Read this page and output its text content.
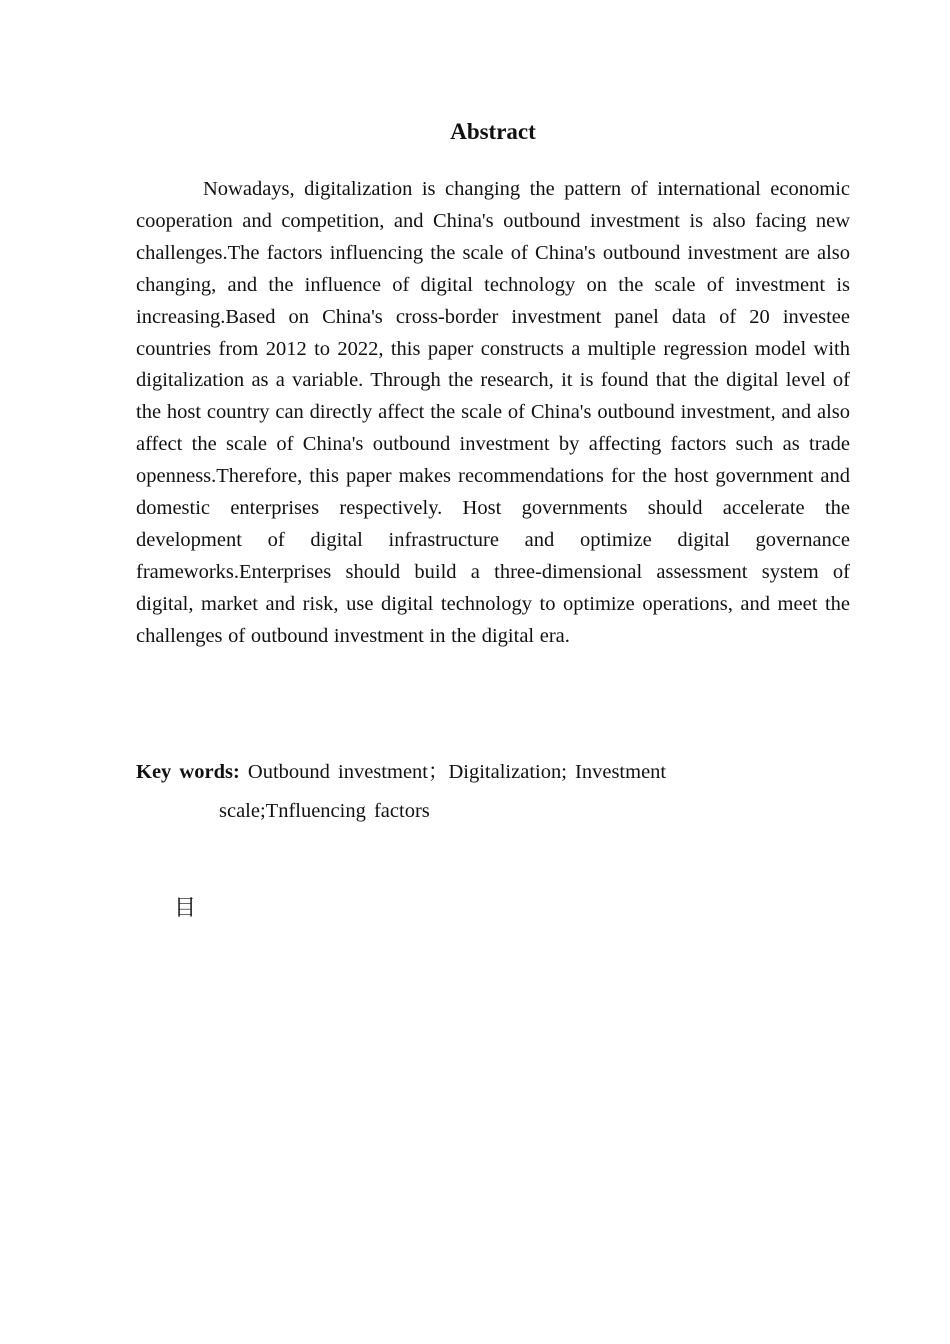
Abstract

Nowadays, digitalization is changing the pattern of international economic cooperation and competition, and China's outbound investment is also facing new challenges.The factors influencing the scale of China's outbound investment are also changing, and the influence of digital technology on the scale of investment is increasing.Based on China's cross-border investment panel data of 20 investee countries from 2012 to 2022, this paper constructs a multiple regression model with digitalization as a variable. Through the research, it is found that the digital level of the host country can directly affect the scale of China's outbound investment, and also affect the scale of China's outbound investment by affecting factors such as trade openness.Therefore, this paper makes recommendations for the host government and domestic enterprises respectively. Host governments should accelerate the development of digital infrastructure and optimize digital governance frameworks.Enterprises should build a three-dimensional assessment system of digital, market and risk, use digital technology to optimize operations, and meet the challenges of outbound investment in the digital era.

Key words: Outbound investment；Digitalization; Investment scale;Tnfluencing factors

目
